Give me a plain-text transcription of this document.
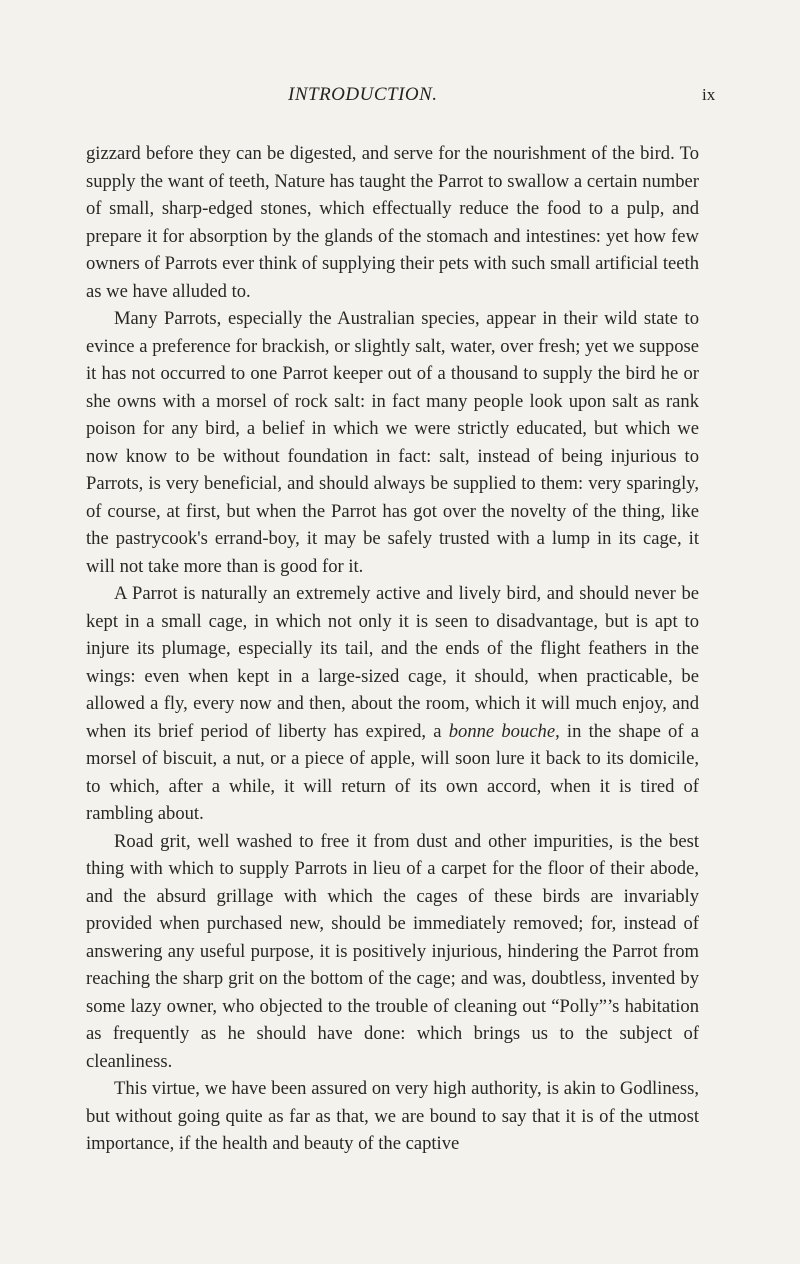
INTRODUCTION.	ix

gizzard before they can be digested, and serve for the nourishment of the bird. To supply the want of teeth, Nature has taught the Parrot to swallow a certain number of small, sharp-edged stones, which effectually reduce the food to a pulp, and prepare it for absorption by the glands of the stomach and intestines: yet how few owners of Parrots ever think of supplying their pets with such small artificial teeth as we have alluded to.

Many Parrots, especially the Australian species, appear in their wild state to evince a preference for brackish, or slightly salt, water, over fresh; yet we suppose it has not occurred to one Parrot keeper out of a thousand to supply the bird he or she owns with a morsel of rock salt: in fact many people look upon salt as rank poison for any bird, a belief in which we were strictly educated, but which we now know to be without foundation in fact: salt, instead of being injurious to Parrots, is very beneficial, and should always be supplied to them: very sparingly, of course, at first, but when the Parrot has got over the novelty of the thing, like the pastrycook's errand-boy, it may be safely trusted with a lump in its cage, it will not take more than is good for it.

A Parrot is naturally an extremely active and lively bird, and should never be kept in a small cage, in which not only it is seen to disadvantage, but is apt to injure its plumage, especially its tail, and the ends of the flight feathers in the wings: even when kept in a large-sized cage, it should, when practicable, be allowed a fly, every now and then, about the room, which it will much enjoy, and when its brief period of liberty has expired, a bonne bouche, in the shape of a morsel of biscuit, a nut, or a piece of apple, will soon lure it back to its domicile, to which, after a while, it will return of its own accord, when it is tired of rambling about.

Road grit, well washed to free it from dust and other impurities, is the best thing with which to supply Parrots in lieu of a carpet for the floor of their abode, and the absurd grillage with which the cages of these birds are invariably provided when purchased new, should be immediately removed; for, instead of answering any useful purpose, it is positively injurious, hindering the Parrot from reaching the sharp grit on the bottom of the cage; and was, doubtless, invented by some lazy owner, who objected to the trouble of cleaning out “Polly”’s habitation as frequently as he should have done: which brings us to the subject of cleanliness.

This virtue, we have been assured on very high authority, is akin to Godliness, but without going quite as far as that, we are bound to say that it is of the utmost importance, if the health and beauty of the captive
